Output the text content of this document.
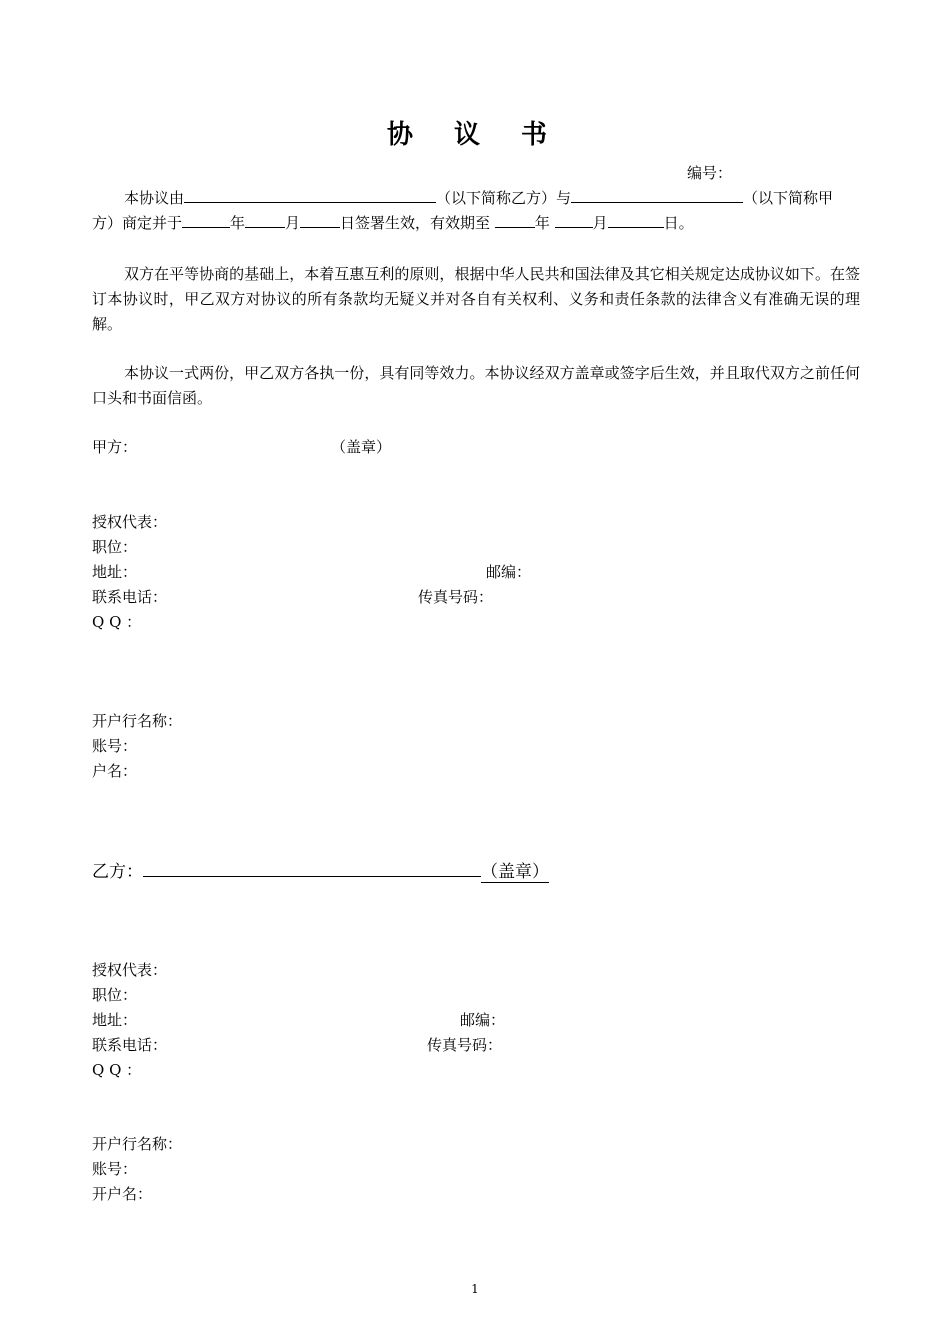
协 议 书
编号：
本协议由	（以下简称乙方）与	（以下简称甲
方）商定并于	年	月	日签署生效，有效期至	年	月	日。
双方在平等协商的基础上，本着互惠互利的原则，根据中华人民共和国法律及其它相关规定达成协议如下。在签订本协议时，甲乙双方对协议的所有条款均无疑义并对各自有关权利、义务和责任条款的法律含义有准确无误的理解。
本协议一式两份，甲乙双方各执一份，具有同等效力。本协议经双方盖章或签字后生效，并且取代双方之前任何口头和书面信函。
甲方：	（盖章）
授权代表：
职位：
地址：	邮编：
联系电话：	传真号码：
Q Q ：
开户行名称：
账号：
户名：
乙方：	（盖章）
授权代表：
职位：
地址：	邮编：
联系电话：	传真号码：
Q Q ：
开户行名称：
账号：
开户名：
1
